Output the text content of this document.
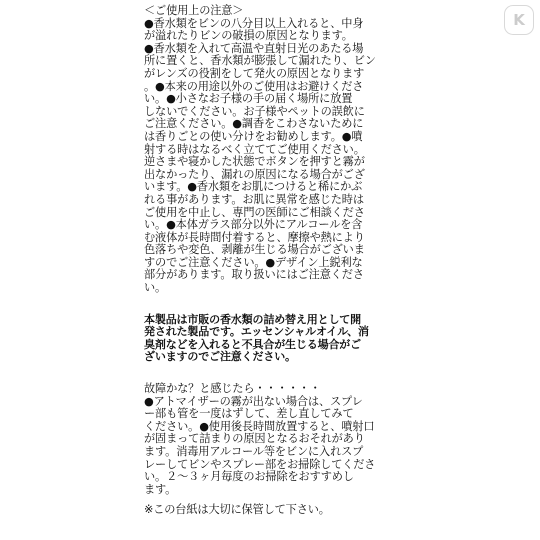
K
＜ご使用上の注意＞
●香水類をビンの八分目以上入れると、中身
が溢れたりビンの破損の原因となります。
●香水類を入れて高温や直射日光のあたる場
所に置くと、香水類が膨張して漏れたり、ビン
がレンズの役割をして発火の原因となります
。●本来の用途以外のご使用はお避けくださ
い。●小さなお子様の手の届く場所に放置
しないでください。お子様やペットの誤飲に
ご注意ください。●調香をこわさないために
は香りごとの使い分けをお勧めします。●噴
射する時はなるべく立ててご使用ください。
逆さまや寝かした状態でボタンを押すと霧が
出なかったり、漏れの原因になる場合がござ
います。●香水類をお肌につけると稀にかぶ
れる事があります。お肌に異常を感じた時は
ご使用を中止し、専門の医師にご相談くださ
い。●本体ガラス部分以外にアルコールを含
む液体が長時間付着すると、摩擦や熱により
色落ちや変色、剥離が生じる場合がございま
すのでご注意ください。●デザイン上鋭利な
部分があります。取り扱いにはご注意くださ
い。
本製品は市販の香水類の詰め替え用として開
発された製品です。エッセンシャルオイル、消
臭剤などを入れると不具合が生じる場合がご
ざいますのでご注意ください。
故障かな？と感じたら・・・・・・
●アトマイザーの霧が出ない場合は、スプレ
ー部も管を一度はずして、差し直してみて
ください。●使用後長時間放置すると、噴射口
が固まって詰まりの原因となるおそれがあり
ます。消毒用アルコール等をビンに入れスプ
レーしてビンやスプレー部をお掃除してくださ
い。２～３ヶ月毎度のお掃除をおすすめし
ます。
※この台紙は大切に保管して下さい。
